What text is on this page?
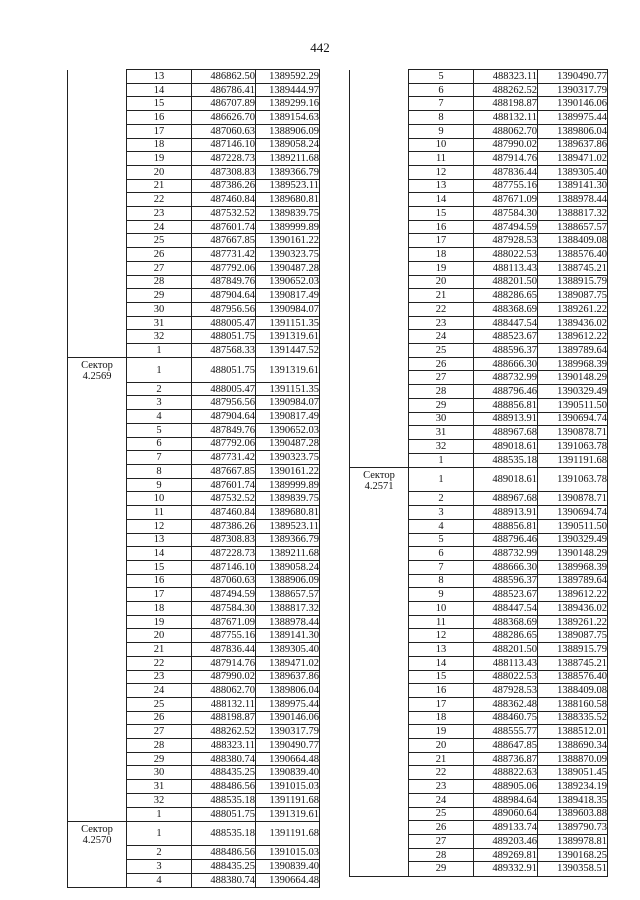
442
	13	486862.50	1389592.29
	14	486786.41	1389444.97
	15	486707.89	1389299.16
	16	486626.70	1389154.63
	17	487060.63	1388906.09
	18	487146.10	1389058.24
	19	487228.73	1389211.68
	20	487308.83	1389366.79
	21	487386.26	1389523.11
	22	487460.84	1389680.81
	23	487532.52	1389839.75
	24	487601.74	1389999.89
	25	487667.85	1390161.22
	26	487731.42	1390323.75
	27	487792.06	1390487.28
	28	487849.76	1390652.03
	29	487904.64	1390817.49
	30	487956.56	1390984.07
	31	488005.47	1391151.35
	32	488051.75	1391319.61
	1	487568.33	1391447.52
Сектор 4.2569	1	488051.75	1391319.61
	2	488005.47	1391151.35
	3	487956.56	1390984.07
	4	487904.64	1390817.49
	5	487849.76	1390652.03
	6	487792.06	1390487.28
	7	487731.42	1390323.75
	8	487667.85	1390161.22
	9	487601.74	1389999.89
	10	487532.52	1389839.75
	11	487460.84	1389680.81
	12	487386.26	1389523.11
	13	487308.83	1389366.79
	14	487228.73	1389211.68
	15	487146.10	1389058.24
	16	487060.63	1388906.09
	17	487494.59	1388657.57
	18	487584.30	1388817.32
	19	487671.09	1388978.44
	20	487755.16	1389141.30
	21	487836.44	1389305.40
	22	487914.76	1389471.02
	23	487990.02	1389637.86
	24	488062.70	1389806.04
	25	488132.11	1389975.44
	26	488198.87	1390146.06
	27	488262.52	1390317.79
	28	488323.11	1390490.77
	29	488380.74	1390664.48
	30	488435.25	1390839.40
	31	488486.56	1391015.03
	32	488535.18	1391191.68
	1	488051.75	1391319.61
Сектор 4.2570	1	488535.18	1391191.68
	2	488486.56	1391015.03
	3	488435.25	1390839.40
	4	488380.74	1390664.48
	5	488323.11	1390490.77
	6	488262.52	1390317.79
	7	488198.87	1390146.06
	8	488132.11	1389975.44
	9	488062.70	1389806.04
	10	487990.02	1389637.86
	11	487914.76	1389471.02
	12	487836.44	1389305.40
	13	487755.16	1389141.30
	14	487671.09	1388978.44
	15	487584.30	1388817.32
	16	487494.59	1388657.57
	17	487928.53	1388409.08
	18	488022.53	1388576.40
	19	488113.43	1388745.21
	20	488201.50	1388915.79
	21	488286.65	1389087.75
	22	488368.69	1389261.22
	23	488447.54	1389436.02
	24	488523.67	1389612.22
	25	488596.37	1389789.64
	26	488666.30	1389968.39
	27	488732.99	1390148.29
	28	488796.46	1390329.49
	29	488856.81	1390511.50
	30	488913.91	1390694.74
	31	488967.68	1390878.71
	32	489018.61	1391063.78
	1	488535.18	1391191.68
Сектор 4.2571	1	489018.61	1391063.78
	2	488967.68	1390878.71
	3	488913.91	1390694.74
	4	488856.81	1390511.50
	5	488796.46	1390329.49
	6	488732.99	1390148.29
	7	488666.30	1389968.39
	8	488596.37	1389789.64
	9	488523.67	1389612.22
	10	488447.54	1389436.02
	11	488368.69	1389261.22
	12	488286.65	1389087.75
	13	488201.50	1388915.79
	14	488113.43	1388745.21
	15	488022.53	1388576.40
	16	487928.53	1388409.08
	17	488362.48	1388160.58
	18	488460.75	1388335.52
	19	488555.77	1388512.01
	20	488647.85	1388690.34
	21	488736.87	1388870.09
	22	488822.63	1389051.45
	23	488905.06	1389234.19
	24	488984.64	1389418.35
	25	489060.64	1389603.88
	26	489133.74	1389790.73
	27	489203.46	1389978.81
	28	489269.81	1390168.25
	29	489332.91	1390358.51
